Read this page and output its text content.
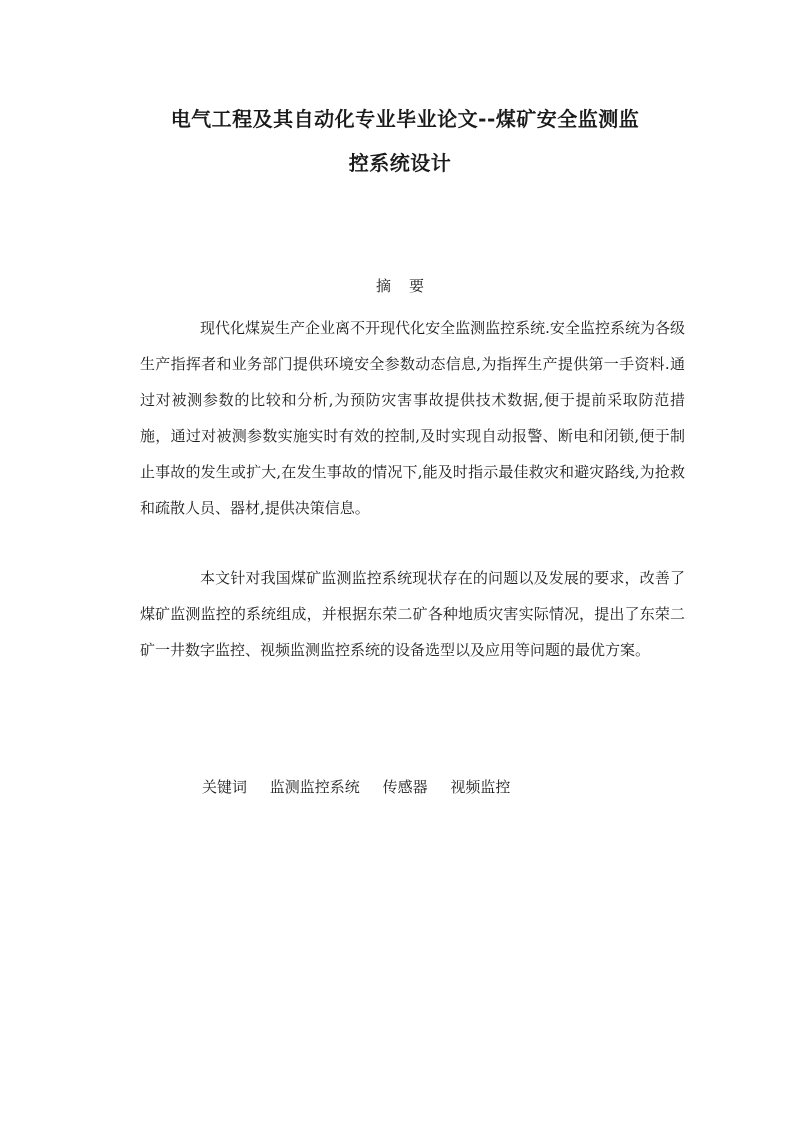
电气工程及其自动化专业毕业论文--煤矿安全监测监
控系统设计
摘 要

现代化煤炭生产企业离不开现代化安全监测监控系统.安全监控系统为各级生产指挥者和业务部门提供环境安全参数动态信息,为指挥生产提供第一手资料.通过对被测参数的比较和分析,为预防灾害事故提供技术数据,便于提前采取防范措施，通过对被测参数实施实时有效的控制,及时实现自动报警、断电和闭锁,便于制止事故的发生或扩大,在发生事故的情况下,能及时指示最佳救灾和避灾路线,为抢救和疏散人员、器材,提供决策信息。

本文针对我国煤矿监测监控系统现状存在的问题以及发展的要求，改善了煤矿监测监控的系统组成，并根据东荣二矿各种地质灾害实际情况，提出了东荣二矿一井数字监控、视频监测监控系统的设备选型以及应用等问题的最优方案。

关键词 监测监控系统 传感器 视频监控
